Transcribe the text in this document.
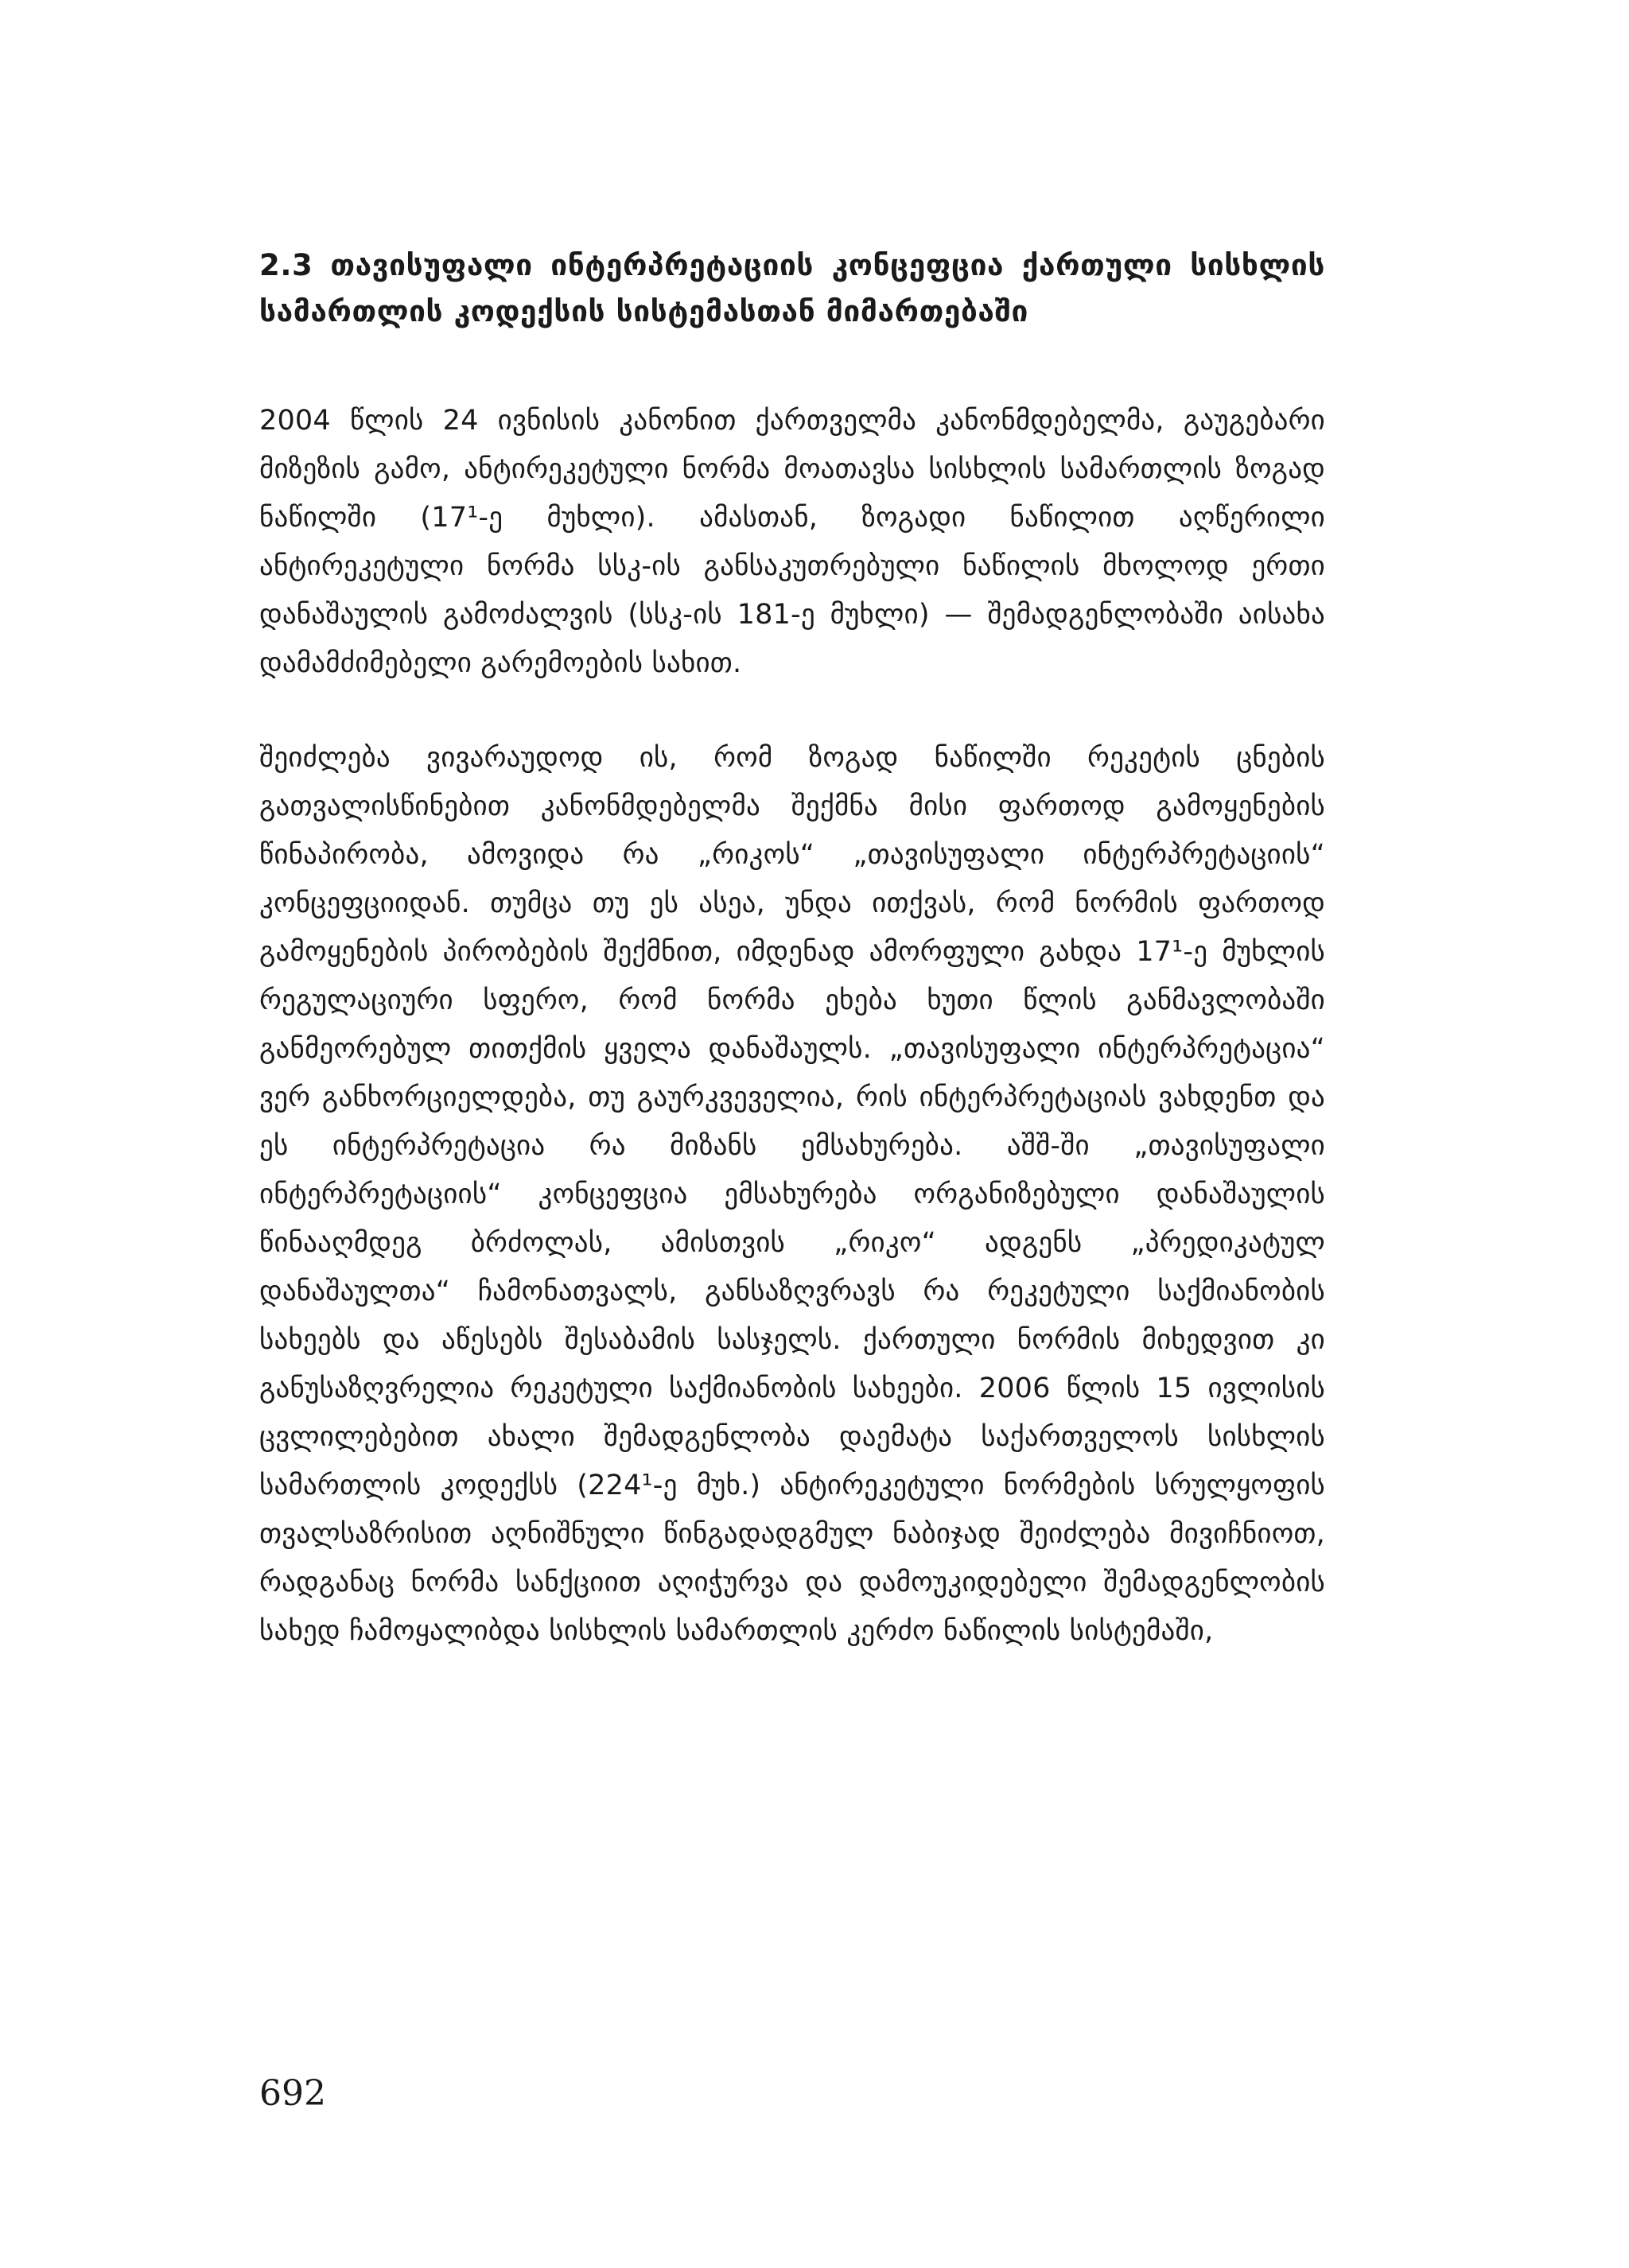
2.3 თავისუფალი ინტერპრეტაციის კონცეფცია ქართული სისხლის სამართლის კოდექსის სისტემასთან მიმართებაში

2004 წლის 24 ივნისის კანონით ქართველმა კანონმდებელმა, გაუგებარი მიზეზის გამო, ანტირეკეტული ნორმა მოათავსა სისხლის სამართლის ზოგად ნაწილში (17¹-ე მუხლი). ამასთან, ზოგადი ნაწილით აღწერილი ანტირეკეტული ნორმა სსკ-ის განსაკუთრებული ნაწილის მხოლოდ ერთი დანაშაულის გამოძალვის (სსკ-ის 181-ე მუხლი) — შემადგენლობაში აისახა დამამძიმებელი გარემოების სახით.

შეიძლება ვივარაუდოდ ის, რომ ზოგად ნაწილში რეკეტის ცნების გათვალისწინებით კანონმდებელმა შექმნა მისი ფართოდ გამოყენების წინაპირობა, ამოვიდა რა „რიკოს“ „თავისუფალი ინტერპრეტაციის“ კონცეფციიდან. თუმცა თუ ეს ასეა, უნდა ითქვას, რომ ნორმის ფართოდ გამოყენების პირობების შექმნით, იმდენად ამორფული გახდა 17¹-ე მუხლის რეგულაციური სფერო, რომ ნორმა ეხება ხუთი წლის განმავლობაში განმეორებულ თითქმის ყველა დანაშაულს. „თავისუფალი ინტერპრეტაცია“ ვერ განხორციელდება, თუ გაურკვეველია, რის ინტერპრეტაციას ვახდენთ და ეს ინტერპრეტაცია რა მიზანს ემსახურება. აშშ-ში „თავისუფალი ინტერპრეტაციის“ კონცეფცია ემსახურება ორგანიზებული დანაშაულის წინააღმდეგ ბრძოლას, ამისთვის „რიკო“ ადგენს „პრედიკატულ დანაშაულთა“ ჩამონათვალს, განსაზღვრავს რა რეკეტული საქმიანობის სახეებს და აწესებს შესაბამის სასჯელს. ქართული ნორმის მიხედვით კი განუსაზღვრელია რეკეტული საქმიანობის სახეები. 2006 წლის 15 ივლისის ცვლილებებით ახალი შემადგენლობა დაემატა საქართველოს სისხლის სამართლის კოდექსს (224¹-ე მუხ.) ანტირეკეტული ნორმების სრულყოფის თვალსაზრისით აღნიშნული წინგადადგმულ ნაბიჯად შეიძლება მივიჩნიოთ, რადგანაც ნორმა სანქციით აღიჭურვა და დამოუკიდებელი შემადგენლობის სახედ ჩამოყალიბდა სისხლის სამართლის კერძო ნაწილის სისტემაში,

692
